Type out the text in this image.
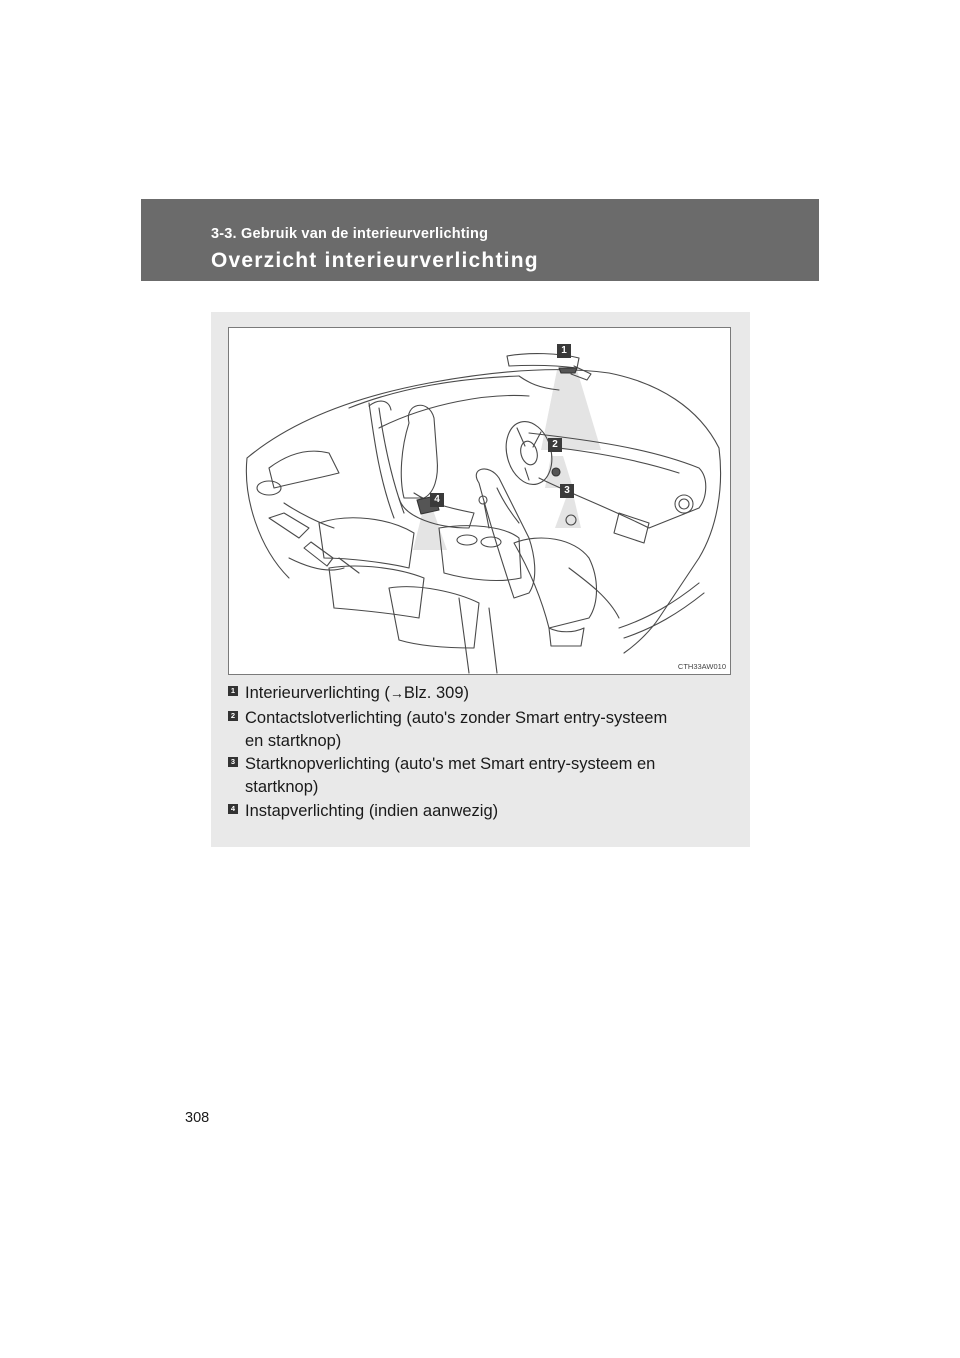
3-3. Gebruik van de interieurverlichting
Overzicht interieurverlichting
1
2
3
4
CTH33AW010
1 Interieurverlichting (→Blz. 309)
2 Contactslotverlichting (auto's zonder Smart entry-systeem
en startknop)
3 Startknopverlichting (auto's met Smart entry-systeem en
startknop)
4 Instapverlichting (indien aanwezig)
308
